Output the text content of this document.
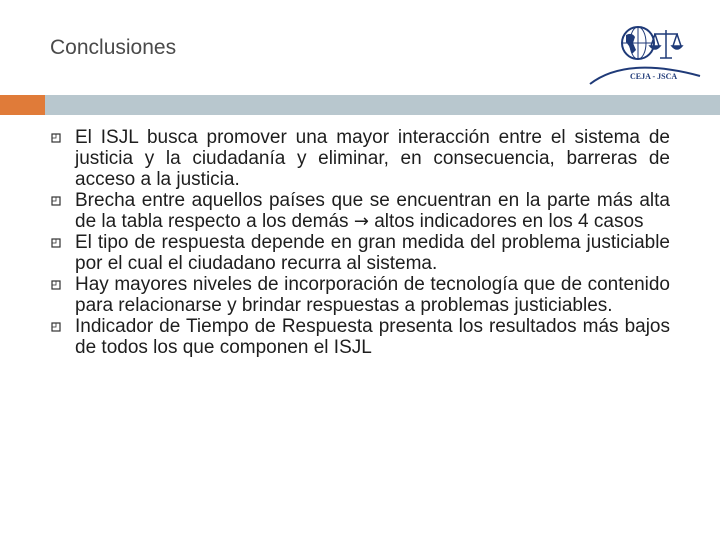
Conclusiones
CEJA - JSCA
El ISJL busca promover una mayor interacción entre el sistema de justicia y la ciudadanía y eliminar, en consecuencia, barreras de acceso a la justicia.
Brecha entre aquellos países que se encuentran en la parte más alta de la tabla respecto a los demás → altos indicadores en los 4 casos
El tipo de respuesta depende en gran medida del problema justiciable por el cual el ciudadano recurra al sistema.
Hay mayores niveles de incorporación de tecnología que de contenido para relacionarse y brindar respuestas a problemas justiciables.
Indicador de Tiempo de Respuesta presenta los resultados más bajos de todos los que componen el ISJL
